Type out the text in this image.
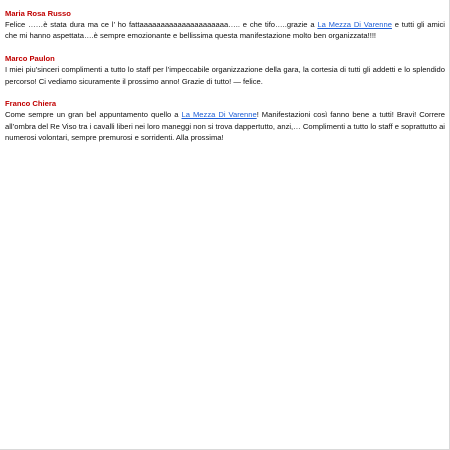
Maria Rosa Russo
Felice ……è stata dura ma ce l’ ho fattaaaaaaaaaaaaaaaaaaaaa….. e che tifo…..grazie a La Mezza Di Varenne e tutti gli amici che mi hanno aspettata….è sempre emozionante e bellissima questa manifestazione molto ben organizzata!!!!
Marco Paulon
I miei piu’sinceri complimenti a tutto lo staff per l’impeccabile organizzazione della gara, la cortesia di tutti gli addetti e lo splendido percorso! Ci vediamo sicuramente il prossimo anno! Grazie di tutto! — felice.
Franco Chiera
Come sempre un gran bel appuntamento quello a La Mezza Di Varenne! Manifestazioni così fanno bene a tutti! Bravi! Correre all’ombra del Re Viso tra i cavalli liberi nei loro maneggi non si trova dappertutto, anzi,… Complimenti a tutto lo staff e soprattutto ai numerosi volontari, sempre premurosi e sorridenti. Alla prossima!
